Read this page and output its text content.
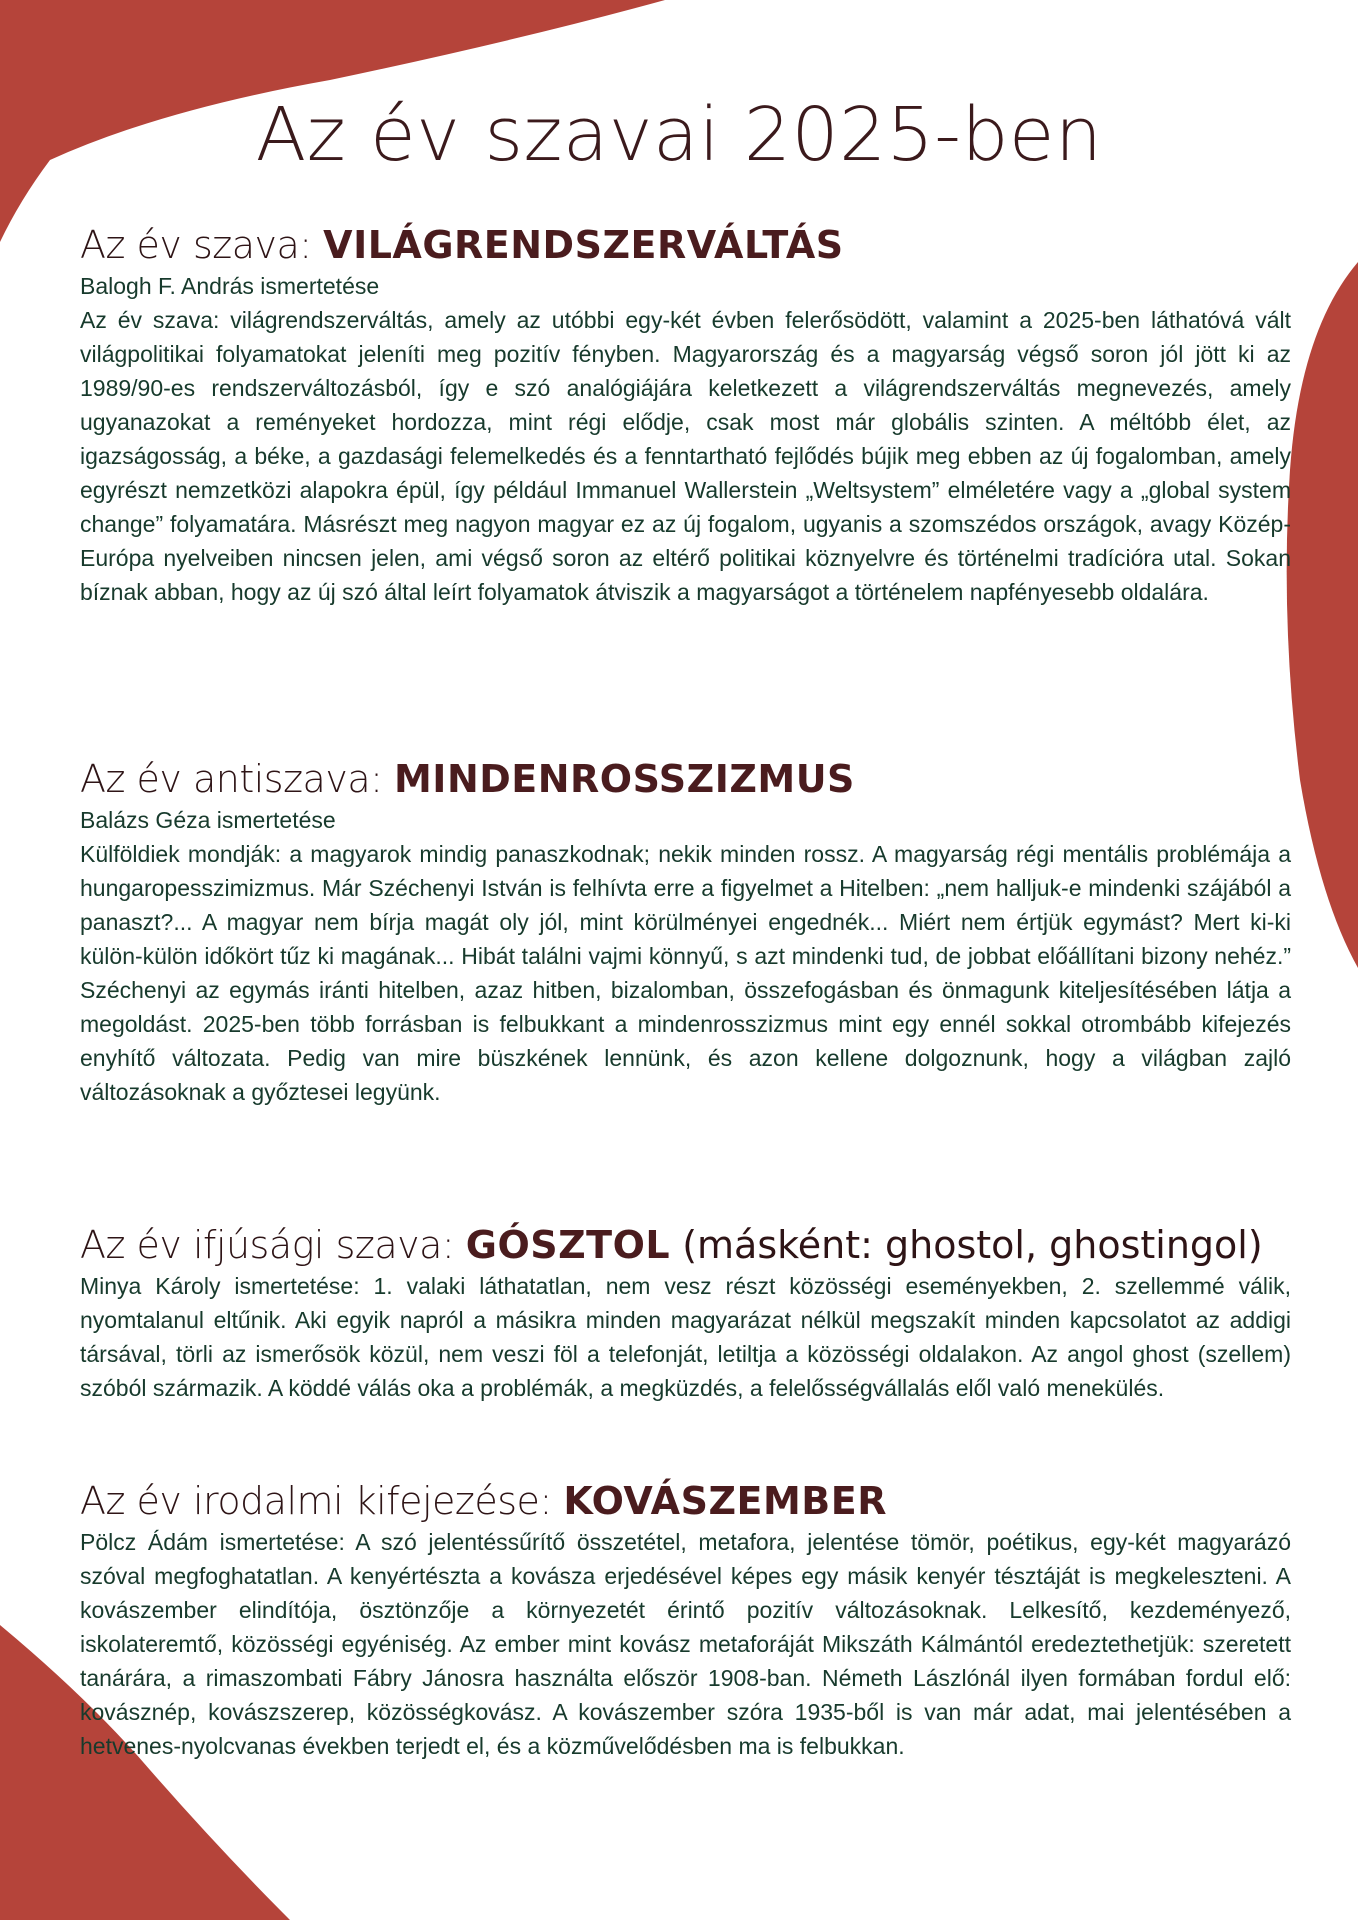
Az év szavai 2025-ben
Az év szava: VILÁGRENDSZERVÁLTÁS

Balogh F. András ismertetése

Az év szava: világrendszerváltás, amely az utóbbi egy-két évben felerősödött, valamint a 2025-ben láthatóvá vált világpolitikai folyamatokat jeleníti meg pozitív fényben. Magyarország és a magyarság végső soron jól jött ki az 1989/90-es rendszerváltozásból, így e szó analógiájára keletkezett a világrendszerváltás megnevezés, amely ugyanazokat a reményeket hordozza, mint régi elődje, csak most már globális szinten. A méltóbb élet, az igazságosság, a béke, a gazdasági felemelkedés és a fenntartható fejlődés bújik meg ebben az új fogalomban, amely egyrészt nemzetközi alapokra épül, így például Immanuel Wallerstein „Weltsystem” elméletére vagy a „global system change” folyamatára. Másrészt meg nagyon magyar ez az új fogalom, ugyanis a szomszédos országok, avagy Közép-Európa nyelveiben nincsen jelen, ami végső soron az eltérő politikai köznyelvre és történelmi tradícióra utal. Sokan bíznak abban, hogy az új szó által leírt folyamatok átviszik a magyarságot a történelem napfényesebb oldalára.

Az év antiszava: MINDENROSSZIZMUS

Balázs Géza ismertetése

Külföldiek mondják: a magyarok mindig panaszkodnak; nekik minden rossz. A magyarság régi mentális problémája a hungaropesszimizmus. Már Széchenyi István is felhívta erre a figyelmet a Hitelben: „nem halljuk-e mindenki szájából a panaszt?... A magyar nem bírja magát oly jól, mint körülményei engednék... Miért nem értjük egymást? Mert ki-ki külön-külön időkört tűz ki magának... Hibát találni vajmi könnyű, s azt mindenki tud, de jobbat előállítani bizony nehéz.” Széchenyi az egymás iránti hitelben, azaz hitben, bizalomban, összefogásban és önmagunk kiteljesítésében látja a megoldást. 2025-ben több forrásban is felbukkant a mindenrosszizmus mint egy ennél sokkal otrombább kifejezés enyhítő változata. Pedig van mire büszkének lennünk, és azon kellene dolgoznunk, hogy a világban zajló változásoknak a győztesei legyünk.

Az év ifjúsági szava: GÓSZTOL (másként: ghostol, ghostingol)

Minya Károly ismertetése: 1. valaki láthatatlan, nem vesz részt közösségi eseményekben, 2. szellemmé válik, nyomtalanul eltűnik. Aki egyik napról a másikra minden magyarázat nélkül megszakít minden kapcsolatot az addigi társával, törli az ismerősök közül, nem veszi föl a telefonját, letiltja a közösségi oldalakon. Az angol ghost (szellem) szóból származik. A köddé válás oka a problémák, a megküzdés, a felelősségvállalás elől való menekülés.

Az év irodalmi kifejezése: KOVÁSZEMBER

Pölcz Ádám ismertetése: A szó jelentéssűrítő összetétel, metafora, jelentése tömör, poétikus, egy-két magyarázó szóval megfoghatatlan. A kenyértészta a kovásza erjedésével képes egy másik kenyér tésztáját is megkeleszteni. A kovászember elindítója, ösztönzője a környezetét érintő pozitív változásoknak. Lelkesítő, kezdeményező, iskolateremtő, közösségi egyéniség. Az ember mint kovász metaforáját Mikszáth Kálmántól eredeztethetjük: szeretett tanárára, a rimaszombati Fábry Jánosra használta először 1908-ban. Németh Lászlónál ilyen formában fordul elő: kovásznép, kovászszerep, közösségkovász. A kovászember szóra 1935-ből is van már adat, mai jelentésében a hetvenes-nyolcvanas években terjedt el, és a közművelődésben ma is felbukkan.
